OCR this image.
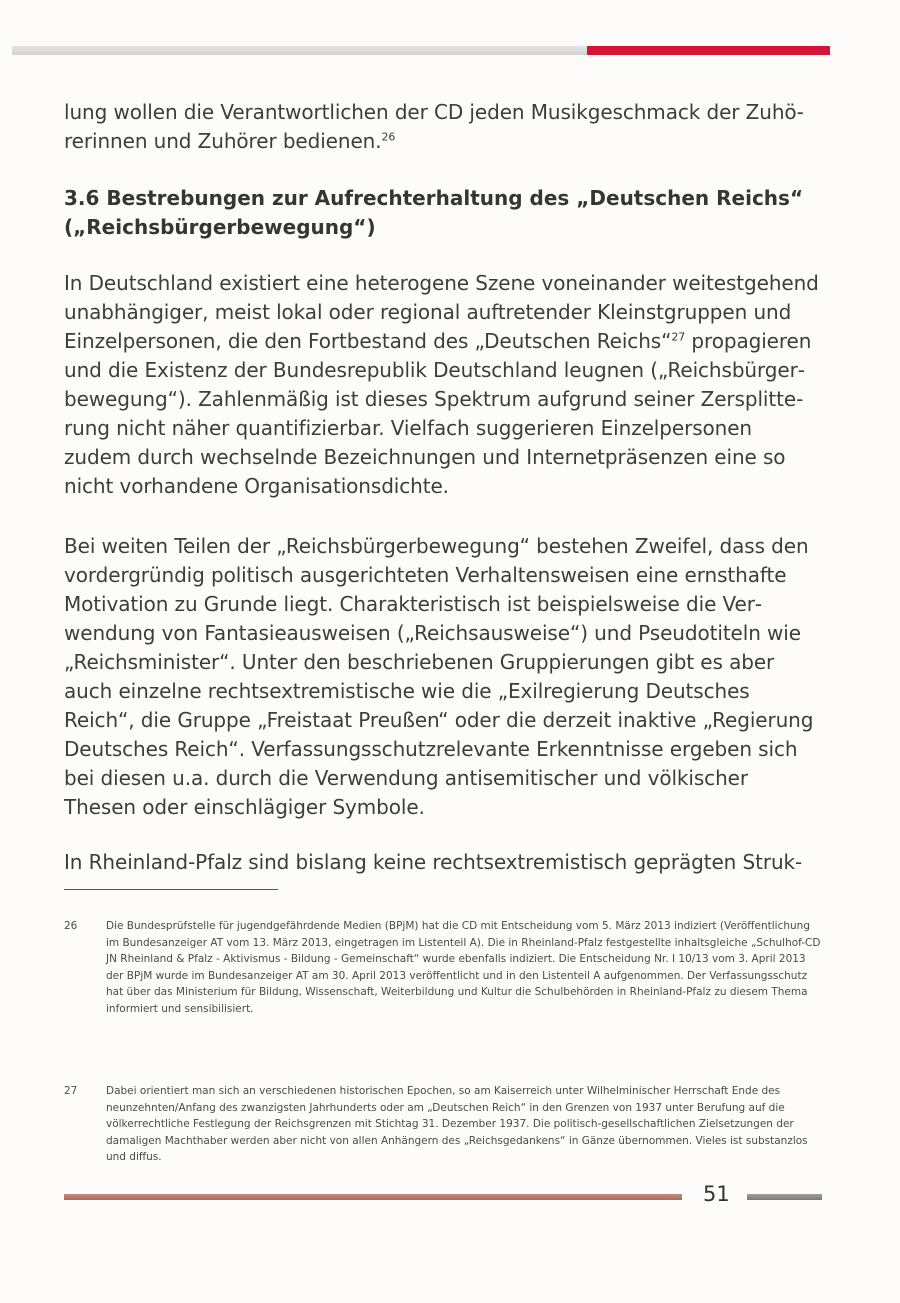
lung wollen die Verantwortlichen der CD jeden Musikgeschmack der Zuhörerinnen und Zuhörer bedienen.$^{26}$

3.6 Bestrebungen zur Aufrechterhaltung des „Deutschen Reichs“ („Reichsbürgerbewegung“)

In Deutschland existiert eine heterogene Szene voneinander weitestgehend unabhängiger, meist lokal oder regional auftretender Kleinstgruppen und Einzelpersonen, die den Fortbestand des „Deutschen Reichs“$^{27}$ propagieren und die Existenz der Bundesrepublik Deutschland leugnen („Reichsbürgerbewegung“). Zahlenmäßig ist dieses Spektrum aufgrund seiner Zersplitterung nicht näher quantifizierbar. Vielfach suggerieren Einzelpersonen zudem durch wechselnde Bezeichnungen und Internetpräsenzen eine so nicht vorhandene Organisationsdichte.

Bei weiten Teilen der „Reichsbürgerbewegung“ bestehen Zweifel, dass den vordergründig politisch ausgerichteten Verhaltensweisen eine ernsthafte Motivation zu Grunde liegt. Charakteristisch ist beispielsweise die Verwendung von Fantasieausweisen („Reichsausweise“) und Pseudotiteln wie „Reichsminister“. Unter den beschriebenen Gruppierungen gibt es aber auch einzelne rechtsextremistische wie die „Exilregierung Deutsches Reich“, die Gruppe „Freistaat Preußen“ oder die derzeit inaktive „Regierung Deutsches Reich“. Verfassungsschutzrelevante Erkenntnisse ergeben sich bei diesen u.a. durch die Verwendung antisemitischer und völkischer Thesen oder einschlägiger Symbole.

In Rheinland-Pfalz sind bislang keine rechtsextremistisch geprägten Struk-

26	Die Bundesprüfstelle für jugendgefährdende Medien (BPjM) hat die CD mit Entscheidung vom 5. März 2013 indiziert (Veröffentlichung im Bundesanzeiger AT vom 13. März 2013, eingetragen im Listenteil A). Die in Rheinland-Pfalz festgestellte inhaltsgleiche „Schulhof-CD JN Rheinland & Pfalz - Aktivismus - Bildung - Gemeinschaft“ wurde ebenfalls indiziert. Die Entscheidung Nr. I 10/13 vom 3. April 2013 der BPjM wurde im Bundesanzeiger AT am 30. April 2013 veröffentlicht und in den Listenteil A aufgenommen. Der Verfassungsschutz hat über das Ministerium für Bildung, Wissenschaft, Weiterbildung und Kultur die Schulbehörden in Rheinland-Pfalz zu diesem Thema informiert und sensibilisiert.
27	Dabei orientiert man sich an verschiedenen historischen Epochen, so am Kaiserreich unter Wilhelminischer Herrschaft Ende des neunzehnten/Anfang des zwanzigsten Jahrhunderts oder am „Deutschen Reich“ in den Grenzen von 1937 unter Berufung auf die völkerrechtliche Festlegung der Reichsgrenzen mit Stichtag 31. Dezember 1937. Die politisch-gesellschaftlichen Zielsetzungen der damaligen Machthaber werden aber nicht von allen Anhängern des „Reichsgedankens“ in Gänze übernommen. Vieles ist substanzlos und diffus.
51
